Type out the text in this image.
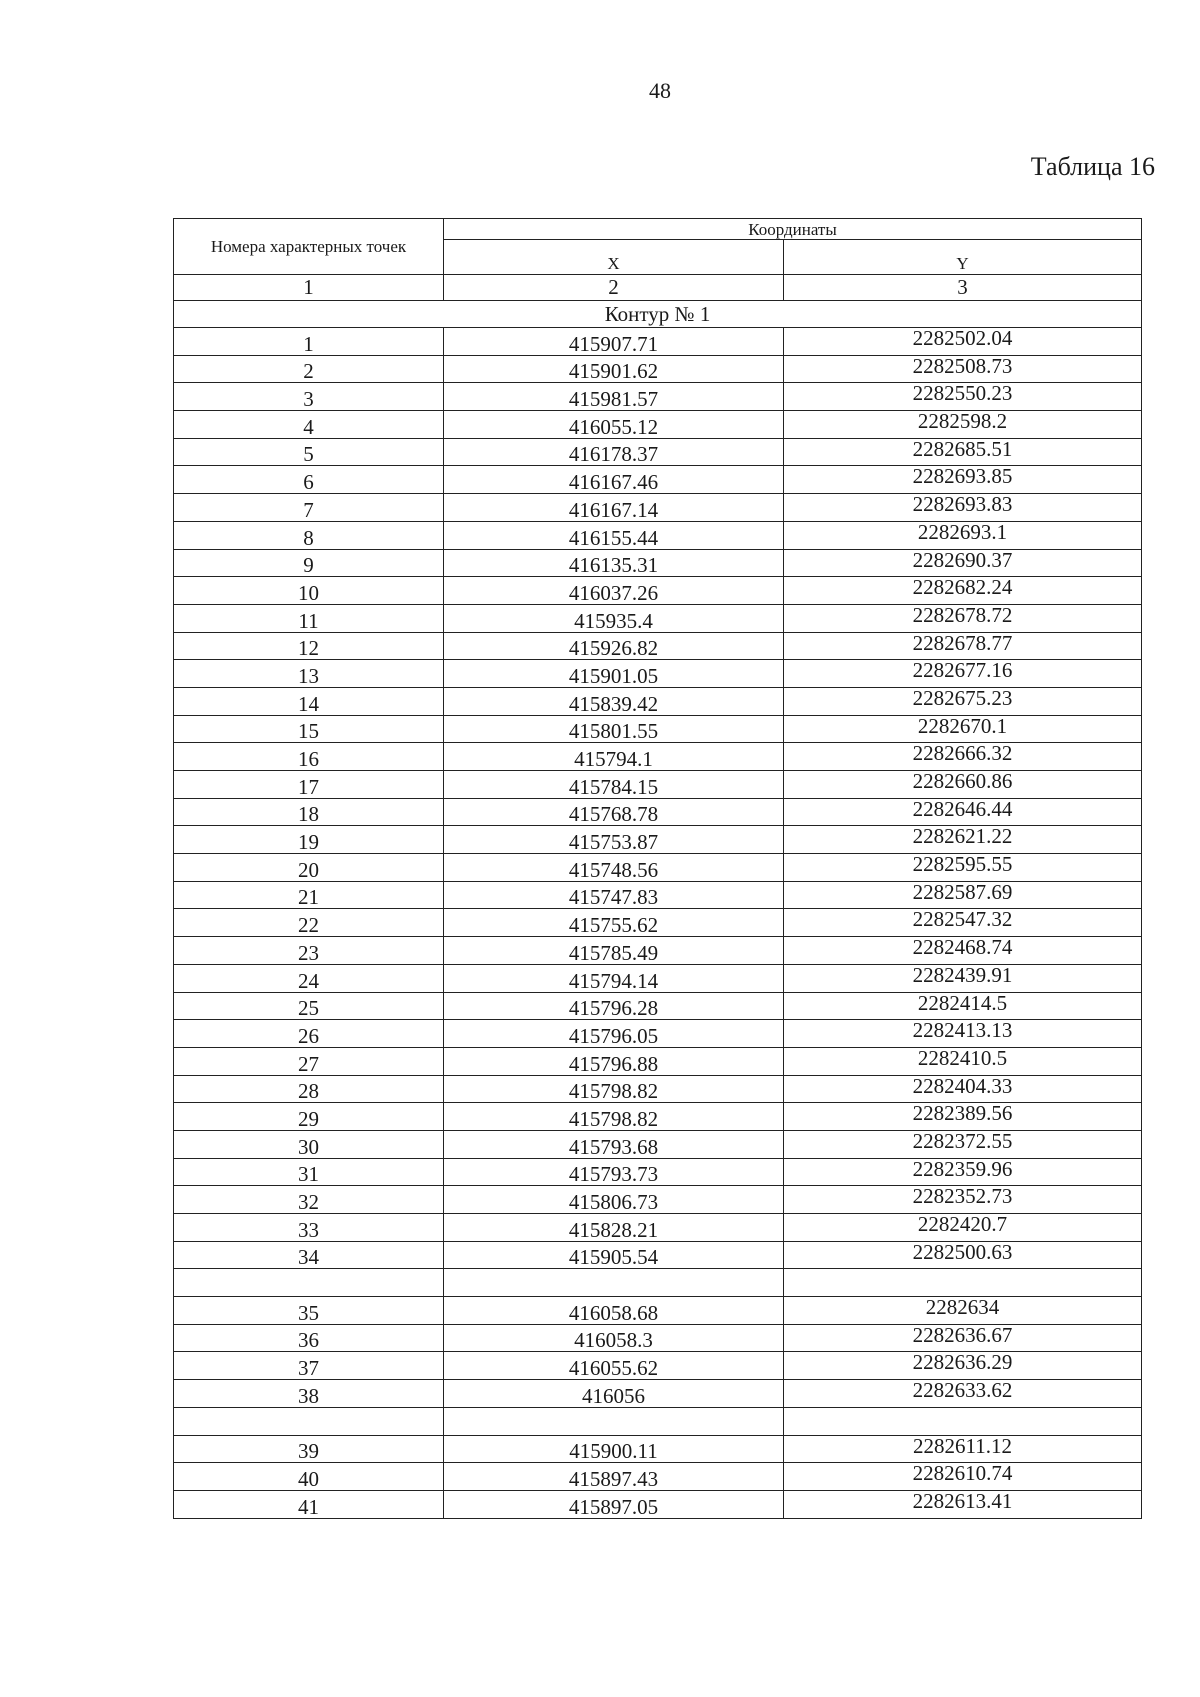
48
Таблица 16
Номера характерных точек	Координаты	
	X	Y
1	2	3
Контур № 1		
1	415907.71	2282502.04
2	415901.62	2282508.73
3	415981.57	2282550.23
4	416055.12	2282598.2
5	416178.37	2282685.51
6	416167.46	2282693.85
7	416167.14	2282693.83
8	416155.44	2282693.1
9	416135.31	2282690.37
10	416037.26	2282682.24
11	415935.4	2282678.72
12	415926.82	2282678.77
13	415901.05	2282677.16
14	415839.42	2282675.23
15	415801.55	2282670.1
16	415794.1	2282666.32
17	415784.15	2282660.86
18	415768.78	2282646.44
19	415753.87	2282621.22
20	415748.56	2282595.55
21	415747.83	2282587.69
22	415755.62	2282547.32
23	415785.49	2282468.74
24	415794.14	2282439.91
25	415796.28	2282414.5
26	415796.05	2282413.13
27	415796.88	2282410.5
28	415798.82	2282404.33
29	415798.82	2282389.56
30	415793.68	2282372.55
31	415793.73	2282359.96
32	415806.73	2282352.73
33	415828.21	2282420.7
34	415905.54	2282500.63

35	416058.68	2282634
36	416058.3	2282636.67
37	416055.62	2282636.29
38	416056	2282633.62

39	415900.11	2282611.12
40	415897.43	2282610.74
41	415897.05	2282613.41
